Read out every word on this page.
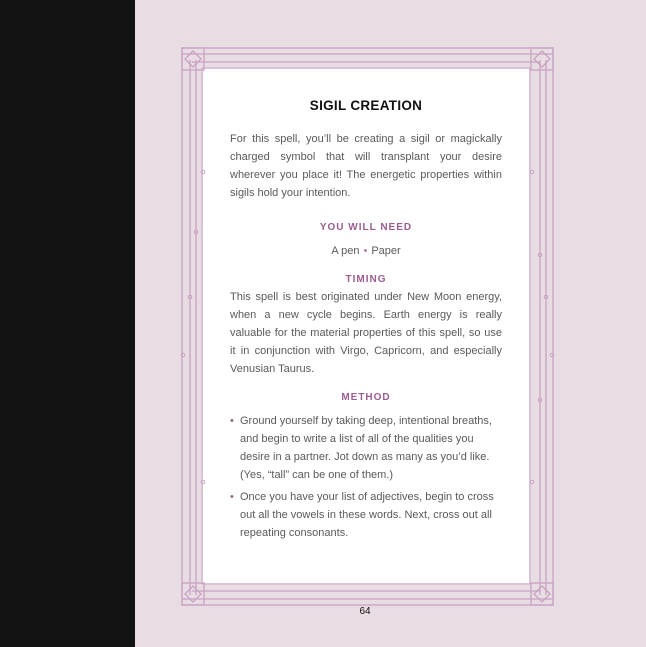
SIGIL CREATION

For this spell, you’ll be creating a sigil or magickally charged symbol that will transplant your desire wherever you place it! The energetic properties within sigils hold your intention.

YOU WILL NEED

A pen • Paper

TIMING

This spell is best originated under New Moon energy, when a new cycle begins. Earth energy is really valuable for the material properties of this spell, so use it in conjunction with Virgo, Capricorn, and especially Venusian Taurus.

METHOD
• Ground yourself by taking deep, intentional breaths, and begin to write a list of all of the qualities you desire in a partner. Jot down as many as you’d like. (Yes, “tall” can be one of them.)
• Once you have your list of adjectives, begin to cross out all the vowels in these words. Next, cross out all repeating consonants.
64
